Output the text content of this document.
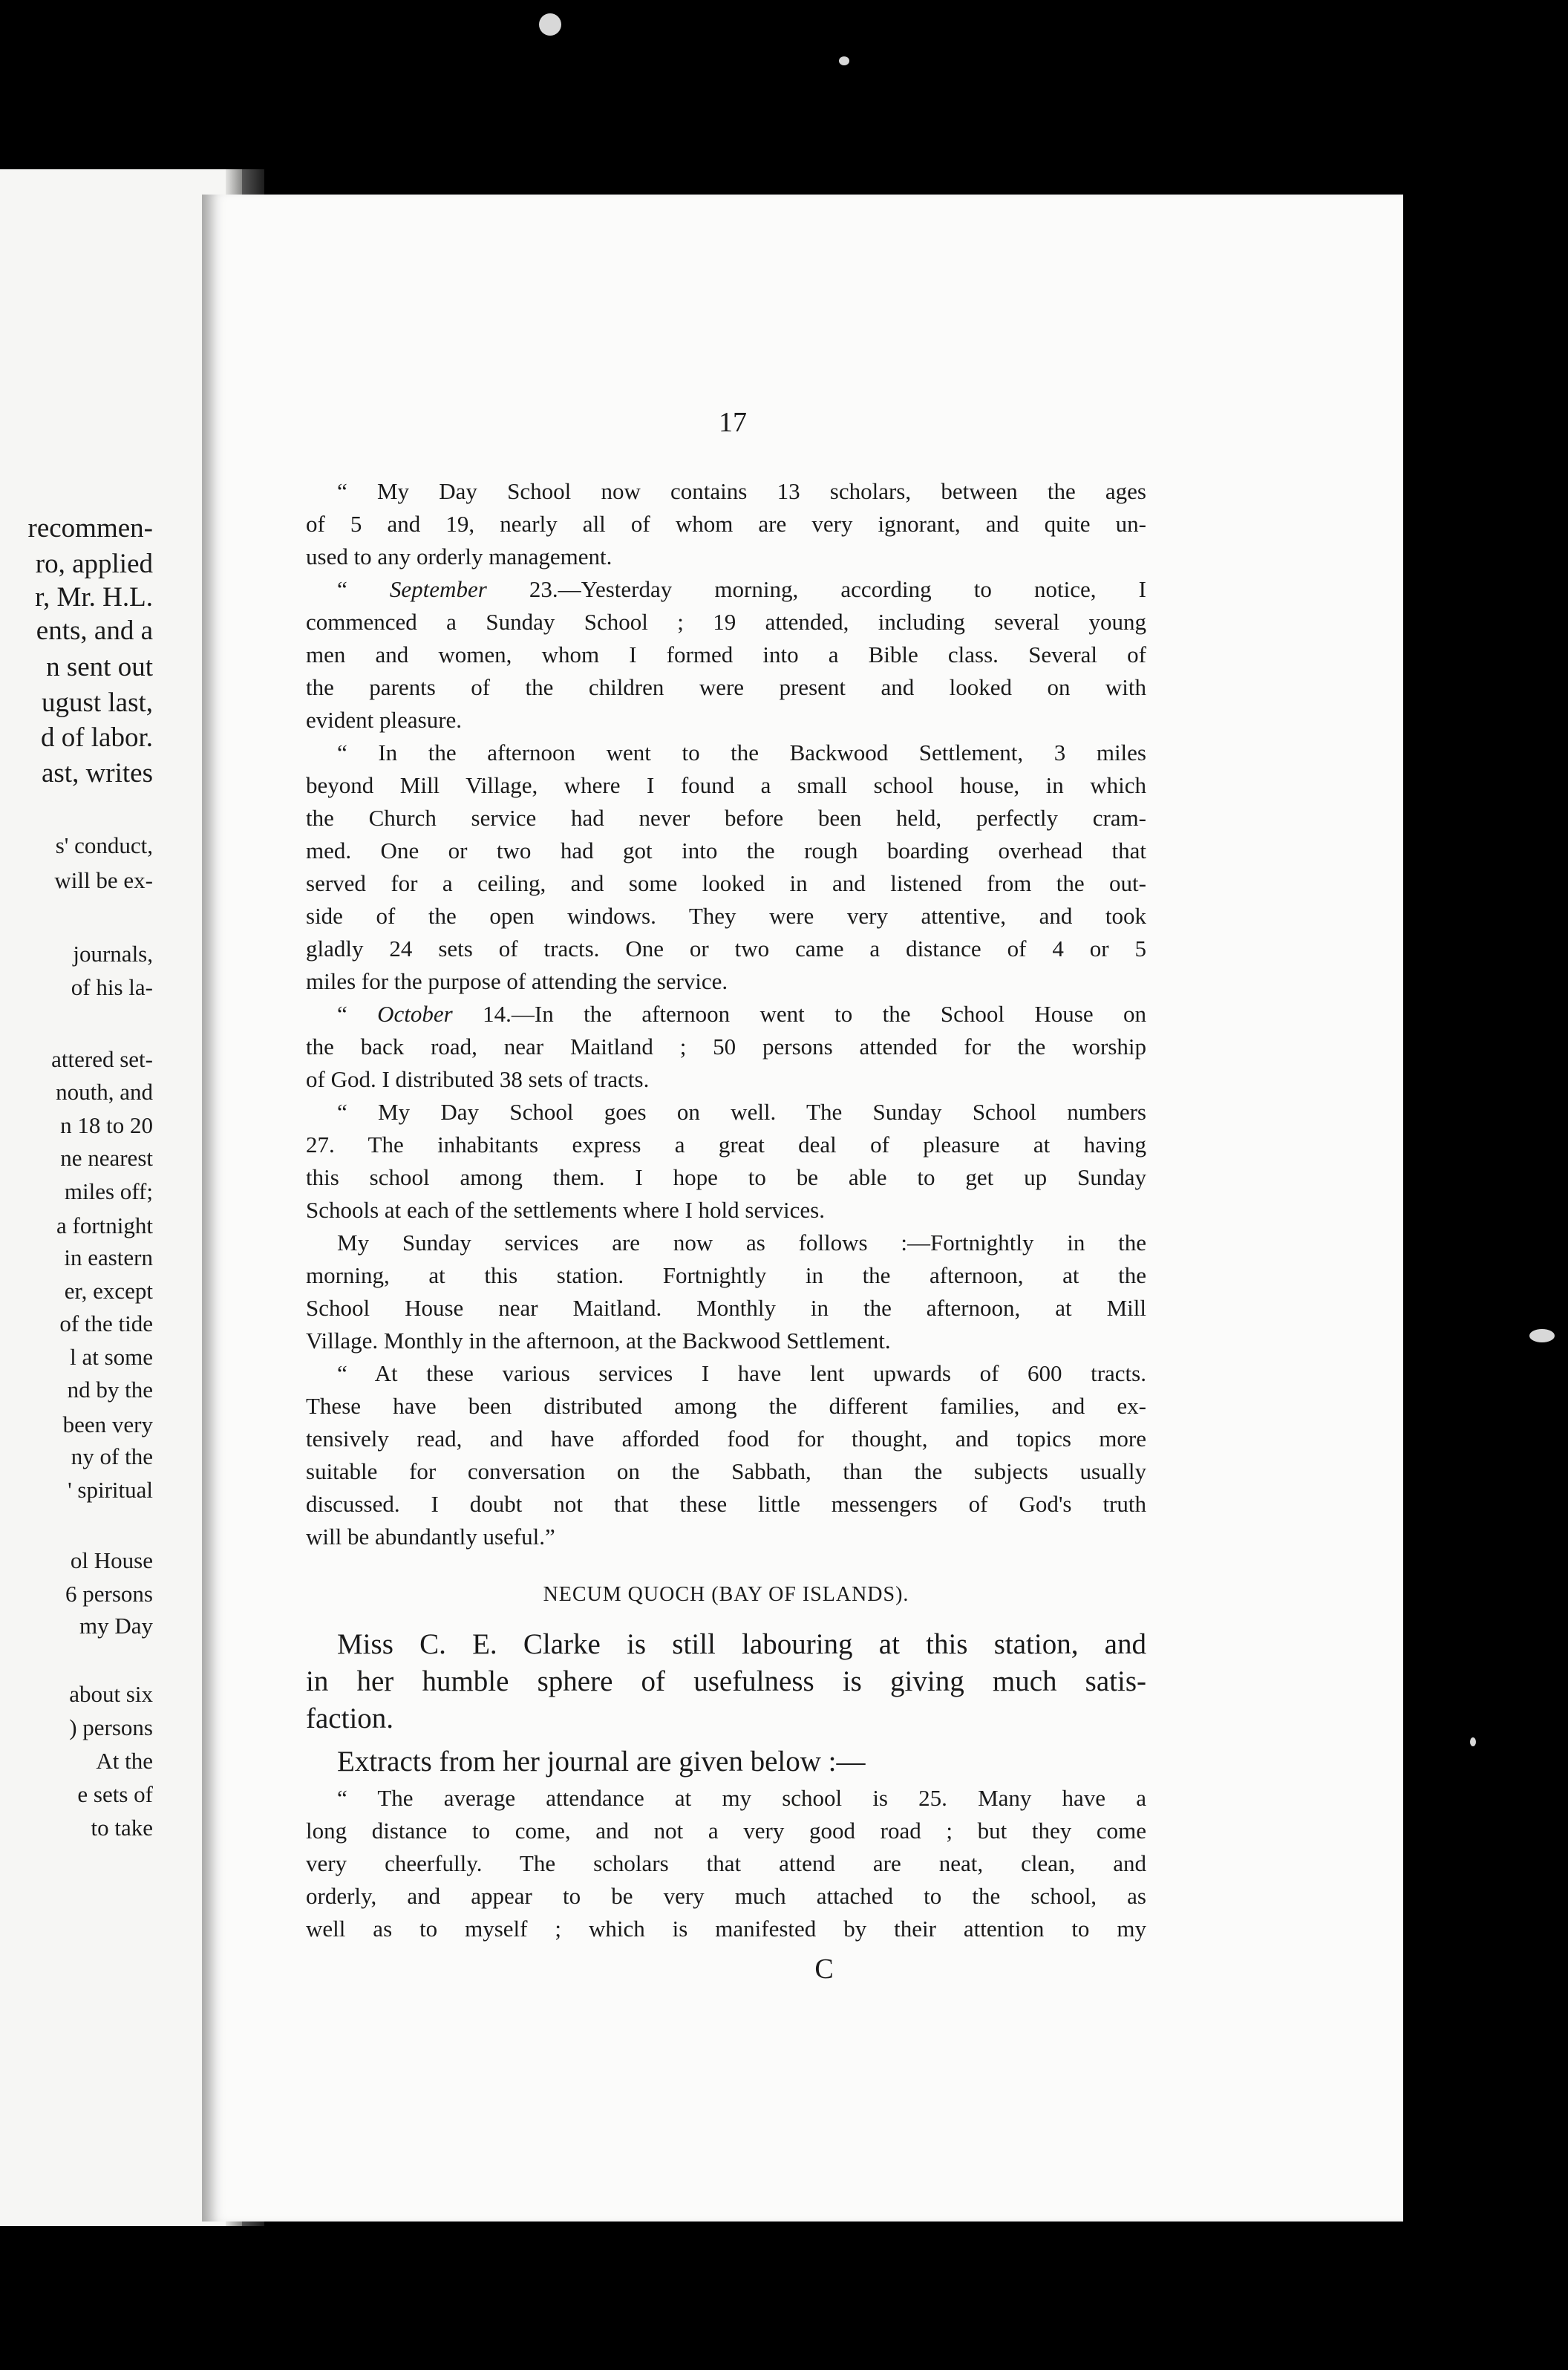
recommen-
ro, applied
r, Mr. H.L.
ents, and a
n sent out
ugust last,
d of labor.
ast, writes
s' conduct,
will be ex-
journals,
of his la-
attered set-
nouth, and
n 18 to 20
ne nearest
miles off;
a fortnight
in eastern
er, except
of the tide
l at some
nd by the
been very
ny of the
' spiritual
ol House
6 persons
my Day
about six
) persons
At the
e sets of
to take
17
“ My Day School now contains 13 scholars, between the ages
of 5 and 19, nearly all of whom are very ignorant, and quite un-
used to any orderly management.
“ September 23.—Yesterday morning, according to notice, I
commenced a Sunday School ; 19 attended, including several young
men and women, whom I formed into a Bible class. Several of
the parents of the children were present and looked on with
evident pleasure.
“ In the afternoon went to the Backwood Settlement, 3 miles
beyond Mill Village, where I found a small school house, in which
the Church service had never before been held, perfectly cram-
med. One or two had got into the rough boarding overhead that
served for a ceiling, and some looked in and listened from the out-
side of the open windows. They were very attentive, and took
gladly 24 sets of tracts. One or two came a distance of 4 or 5
miles for the purpose of attending the service.
“ October 14.—In the afternoon went to the School House on
the back road, near Maitland ; 50 persons attended for the worship
of God. I distributed 38 sets of tracts.
“ My Day School goes on well. The Sunday School numbers
27. The inhabitants express a great deal of pleasure at having
this school among them. I hope to be able to get up Sunday
Schools at each of the settlements where I hold services.
My Sunday services are now as follows :—Fortnightly in the
morning, at this station. Fortnightly in the afternoon, at the
School House near Maitland. Monthly in the afternoon, at Mill
Village. Monthly in the afternoon, at the Backwood Settlement.
“ At these various services I have lent upwards of 600 tracts.
These have been distributed among the different families, and ex-
tensively read, and have afforded food for thought, and topics more
suitable for conversation on the Sabbath, than the subjects usually
discussed. I doubt not that these little messengers of God's truth
will be abundantly useful.”
NECUM QUOCH (BAY OF ISLANDS).
Miss C. E. Clarke is still labouring at this station, and
in her humble sphere of usefulness is giving much satis-
faction.
Extracts from her journal are given below :—
“ The average attendance at my school is 25. Many have a
long distance to come, and not a very good road ; but they come
very cheerfully. The scholars that attend are neat, clean, and
orderly, and appear to be very much attached to the school, as
well as to myself ; which is manifested by their attention to my
C
